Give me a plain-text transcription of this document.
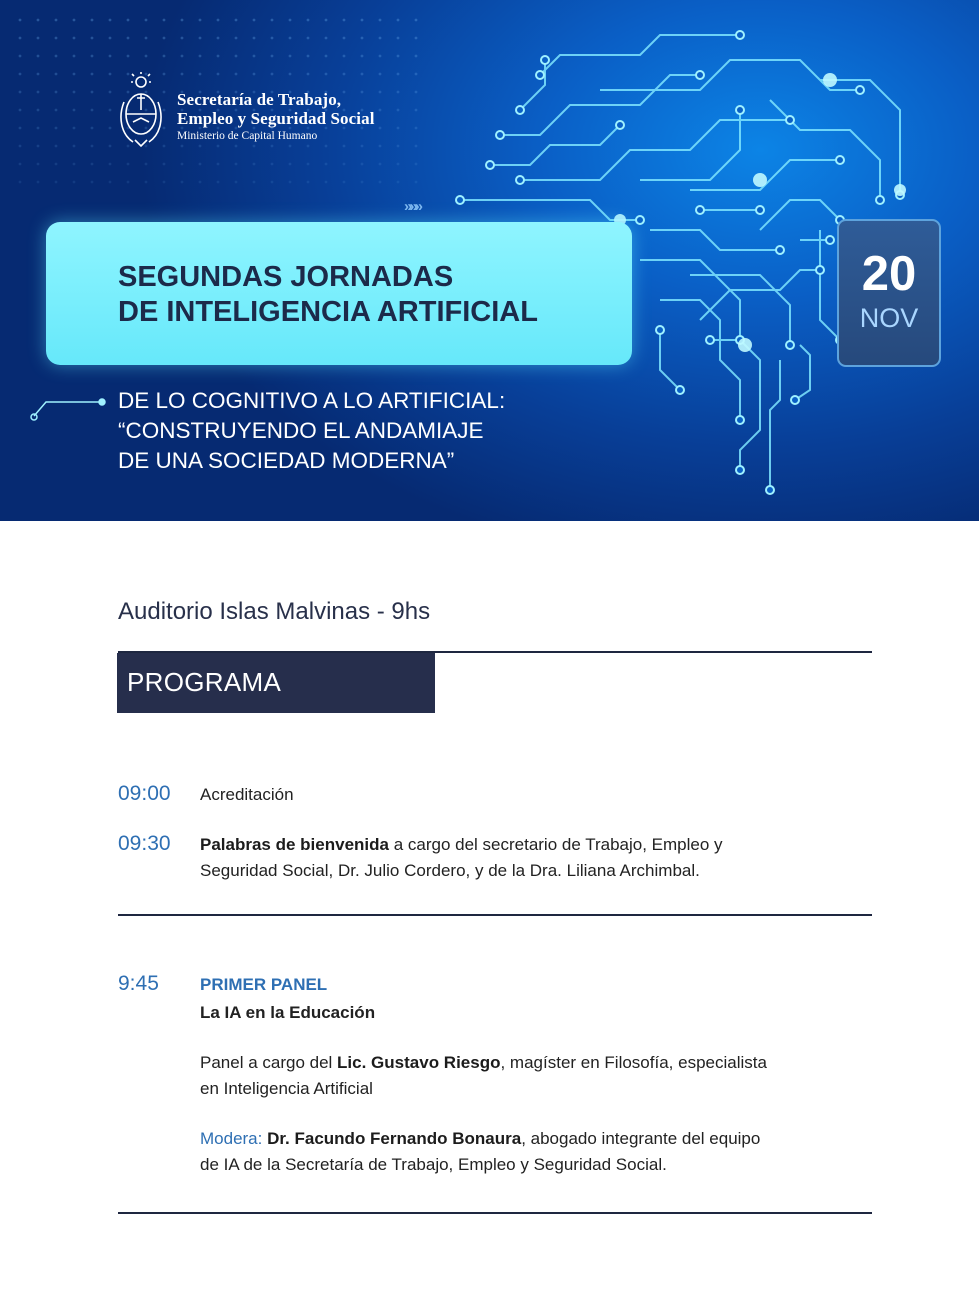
Secretaría de Trabajo,
Empleo y Seguridad Social
Ministerio de Capital Humano
»»»
SEGUNDAS JORNADAS
DE INTELIGENCIA ARTIFICIAL
20
NOV
DE LO COGNITIVO A LO ARTIFICIAL:
“CONSTRUYENDO EL ANDAMIAJE
DE UNA SOCIEDAD MODERNA”
Auditorio Islas Malvinas - 9hs
PROGRAMA
09:00 Acreditación
09:30 Palabras de bienvenida a cargo del secretario de Trabajo, Empleo y
Seguridad Social, Dr. Julio Cordero, y de la Dra. Liliana Archimbal.
9:45 PRIMER PANEL
La IA en la Educación
Panel a cargo del Lic. Gustavo Riesgo, magíster en Filosofía, especialista
en Inteligencia Artificial
Modera: Dr. Facundo Fernando Bonaura, abogado integrante del equipo
de IA de la Secretaría de Trabajo, Empleo y Seguridad Social.
